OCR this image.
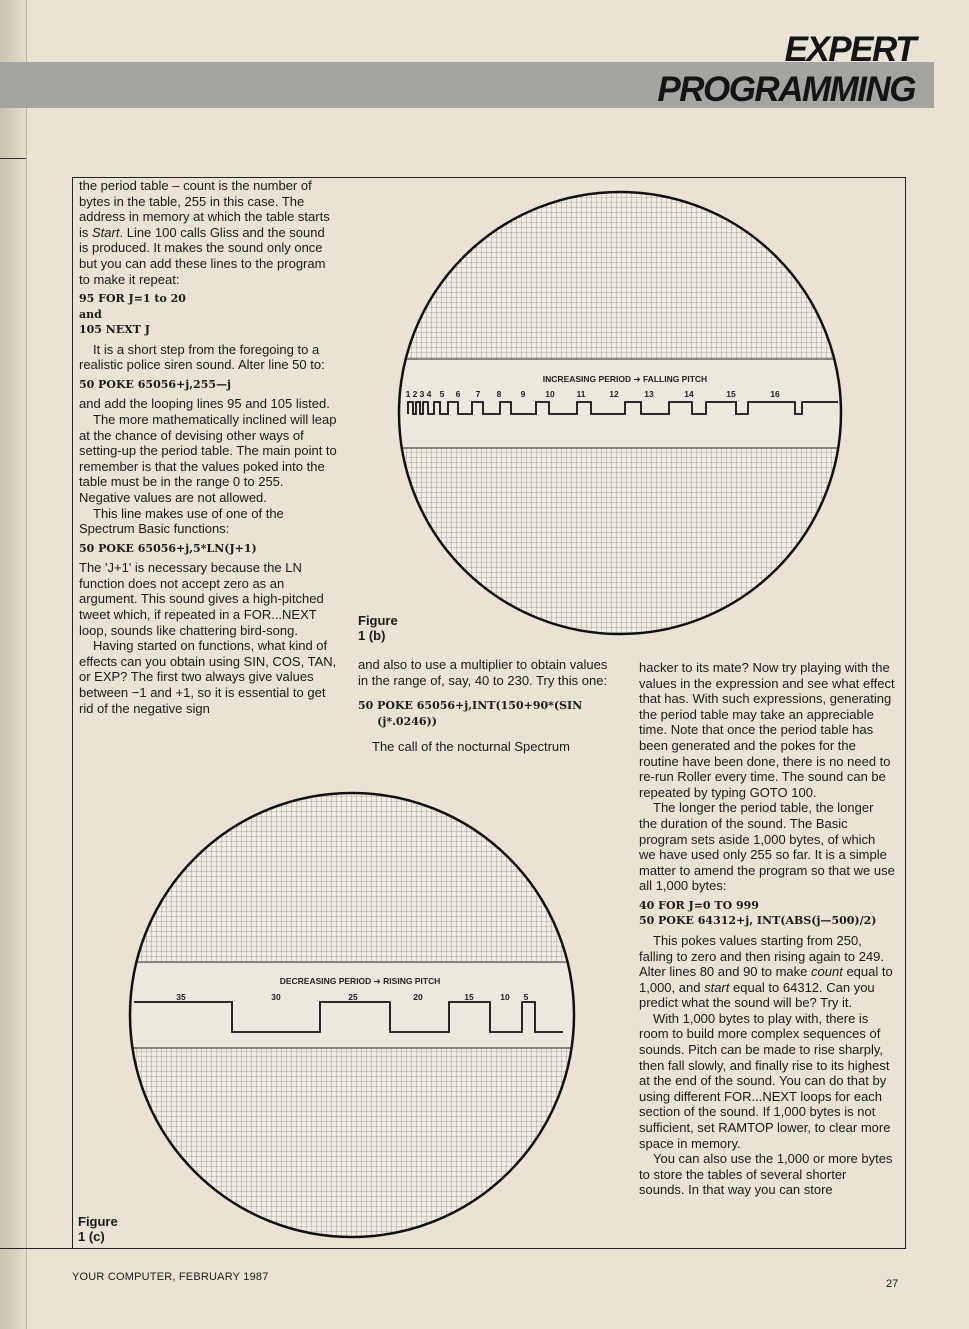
EXPERT PROGRAMMING

the period table – count is the number of bytes in the table, 255 in this case. The address in memory at which the table starts is Start. Line 100 calls Gliss and the sound is produced. It makes the sound only once but you can add these lines to the program to make it repeat:

95 FOR J=1 to 20
and
105 NEXT J

It is a short step from the foregoing to a realistic police siren sound. Alter line 50 to:

50 POKE 65056+j,255—j

and add the looping lines 95 and 105 listed.

The more mathematically inclined will leap at the chance of devising other ways of setting-up the period table. The main point to remember is that the values poked into the table must be in the range 0 to 255. Negative values are not allowed.

This line makes use of one of the Spectrum Basic functions:

50 POKE 65056+j,5*LN(J+1)

The 'J+1' is necessary because the LN function does not accept zero as an argument. This sound gives a high-pitched tweet which, if repeated in a FOR...NEXT loop, sounds like chattering bird-song.

Having started on functions, what kind of effects can you obtain using SIN, COS, TAN, or EXP? The first two always give values between −1 and +1, so it is essential to get rid of the negative sign

Figure
1 (b)
INCREASING PERIOD ➔ FALLING PITCH
1 2 3 4 5 6 7 8 9 10	11	12	13	14	15	16

and also to use a multiplier to obtain values in the range of, say, 40 to 230. Try this one:

50 POKE 65056+j,INT(150+90*(SIN
(j*.0246))

The call of the nocturnal Spectrum

hacker to its mate? Now try playing with the values in the expression and see what effect that has. With such expressions, generating the period table may take an appreciable time. Note that once the period table has been generated and the pokes for the routine have been done, there is no need to re-run Roller every time. The sound can be repeated by typing GOTO 100.

The longer the period table, the longer the duration of the sound. The Basic program sets aside 1,000 bytes, of which we have used only 255 so far. It is a simple matter to amend the program so that we use all 1,000 bytes:

40 FOR J=0 TO 999
50 POKE 64312+j, INT(ABS(j—500)/2)

This pokes values starting from 250, falling to zero and then rising again to 249. Alter lines 80 and 90 to make count equal to 1,000, and start equal to 64312. Can you predict what the sound will be? Try it.

With 1,000 bytes to play with, there is room to build more complex sequences of sounds. Pitch can be made to rise sharply, then fall slowly, and finally rise to its highest at the end of the sound. You can do that by using different FOR...NEXT loops for each section of the sound. If 1,000 bytes is not sufficient, set RAMTOP lower, to clear more space in memory.

You can also use the 1,000 or more bytes to store the tables of several shorter sounds. In that way you can store

DECREASING PERIOD ➔ RISING PITCH
35	30	25	20	15	10 5
Figure
1 (c)
YOUR COMPUTER, FEBRUARY 1987
27
